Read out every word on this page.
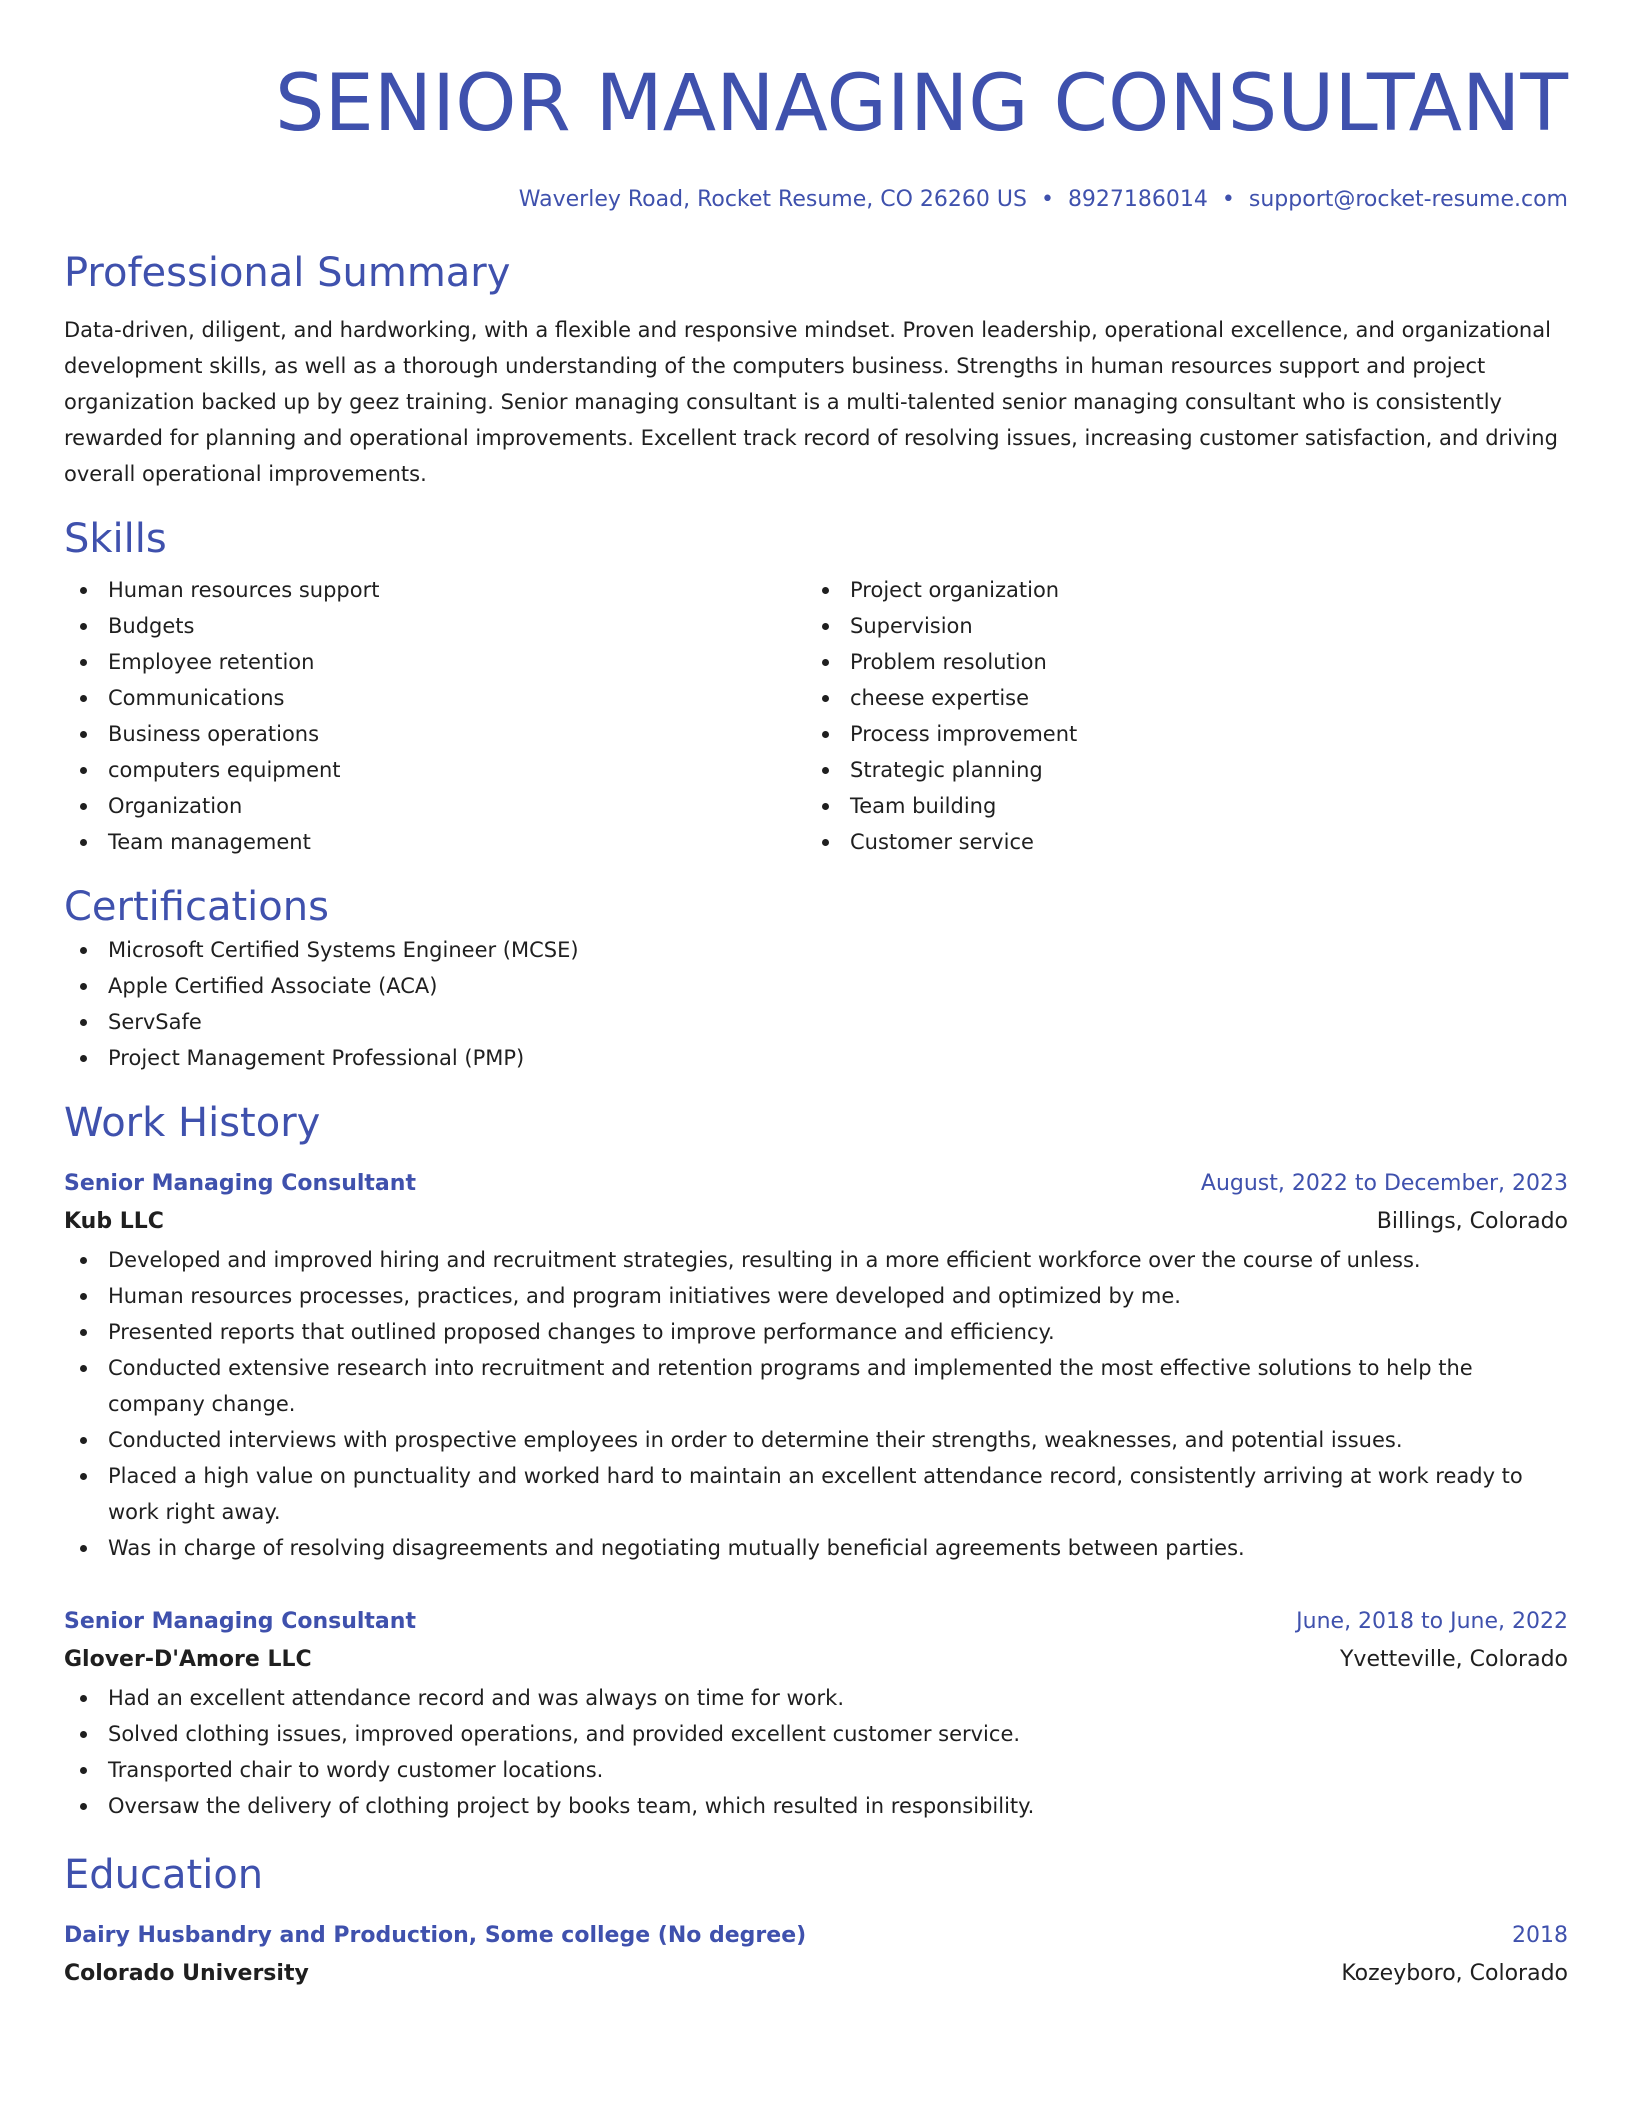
SENIOR MANAGING CONSULTANT
Waverley Road, Rocket Resume, CO 26260 US • 8927186014 • support@rocket-resume.com
Professional Summary

Data-driven, diligent, and hardworking, with a flexible and responsive mindset. Proven leadership, operational excellence, and organizational development skills, as well as a thorough understanding of the computers business. Strengths in human resources support and project organization backed up by geez training. Senior managing consultant is a multi-talented senior managing consultant who is consistently rewarded for planning and operational improvements. Excellent track record of resolving issues, increasing customer satisfaction, and driving overall operational improvements.

Skills
Human resources support
Budgets
Employee retention
Communications
Business operations
computers equipment
Organization
Team management
Project organization
Supervision
Problem resolution
cheese expertise
Process improvement
Strategic planning
Team building
Customer service
Certifications
Microsoft Certified Systems Engineer (MCSE)
Apple Certified Associate (ACA)
ServSafe
Project Management Professional (PMP)
Work History
Senior Managing Consultant	August, 2022 to December, 2023
Kub LLC	Billings, Colorado
Developed and improved hiring and recruitment strategies, resulting in a more efficient workforce over the course of unless.
Human resources processes, practices, and program initiatives were developed and optimized by me.
Presented reports that outlined proposed changes to improve performance and efficiency.
Conducted extensive research into recruitment and retention programs and implemented the most effective solutions to help the company change.
Conducted interviews with prospective employees in order to determine their strengths, weaknesses, and potential issues.
Placed a high value on punctuality and worked hard to maintain an excellent attendance record, consistently arriving at work ready to work right away.
Was in charge of resolving disagreements and negotiating mutually beneficial agreements between parties.
Senior Managing Consultant	June, 2018 to June, 2022
Glover-D'Amore LLC	Yvetteville, Colorado
Had an excellent attendance record and was always on time for work.
Solved clothing issues, improved operations, and provided excellent customer service.
Transported chair to wordy customer locations.
Oversaw the delivery of clothing project by books team, which resulted in responsibility.
Education
Dairy Husbandry and Production, Some college (No degree)	2018
Colorado University	Kozeyboro, Colorado
